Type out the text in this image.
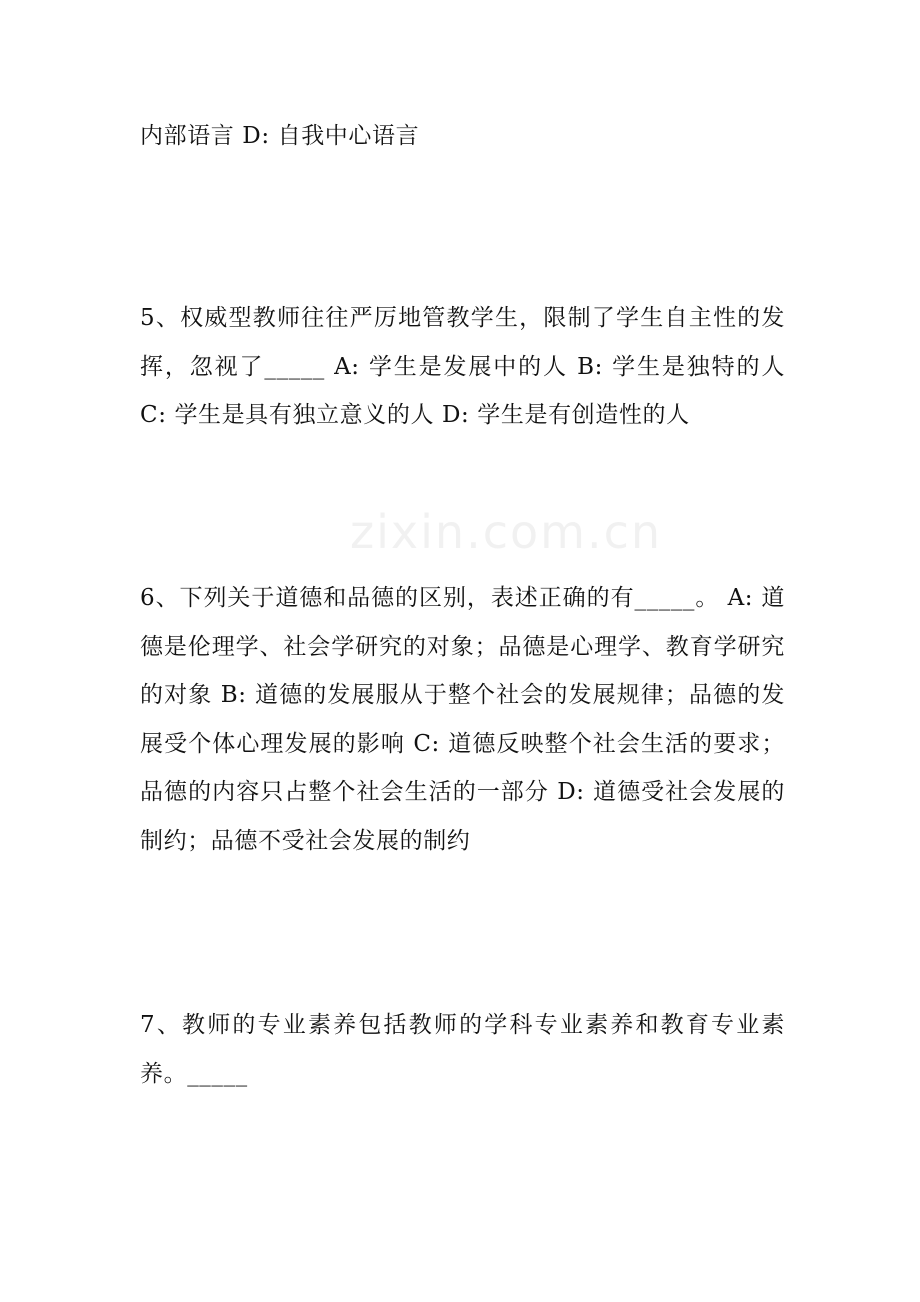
内部语言 D: 自我中心语言
5、权威型教师往往严厉地管教学生，限制了学生自主性的发挥，忽视了_____ A: 学生是发展中的人 B: 学生是独特的人 C: 学生是具有独立意义的人 D: 学生是有创造性的人
6、下列关于道德和品德的区别，表述正确的有_____。 A: 道德是伦理学、社会学研究的对象；品德是心理学、教育学研究的对象 B: 道德的发展服从于整个社会的发展规律；品德的发展受个体心理发展的影响 C: 道德反映整个社会生活的要求；品德的内容只占整个社会生活的一部分 D: 道德受社会发展的制约；品德不受社会发展的制约
7、教师的专业素养包括教师的学科专业素养和教育专业素养。_____
zixin.com.cn
